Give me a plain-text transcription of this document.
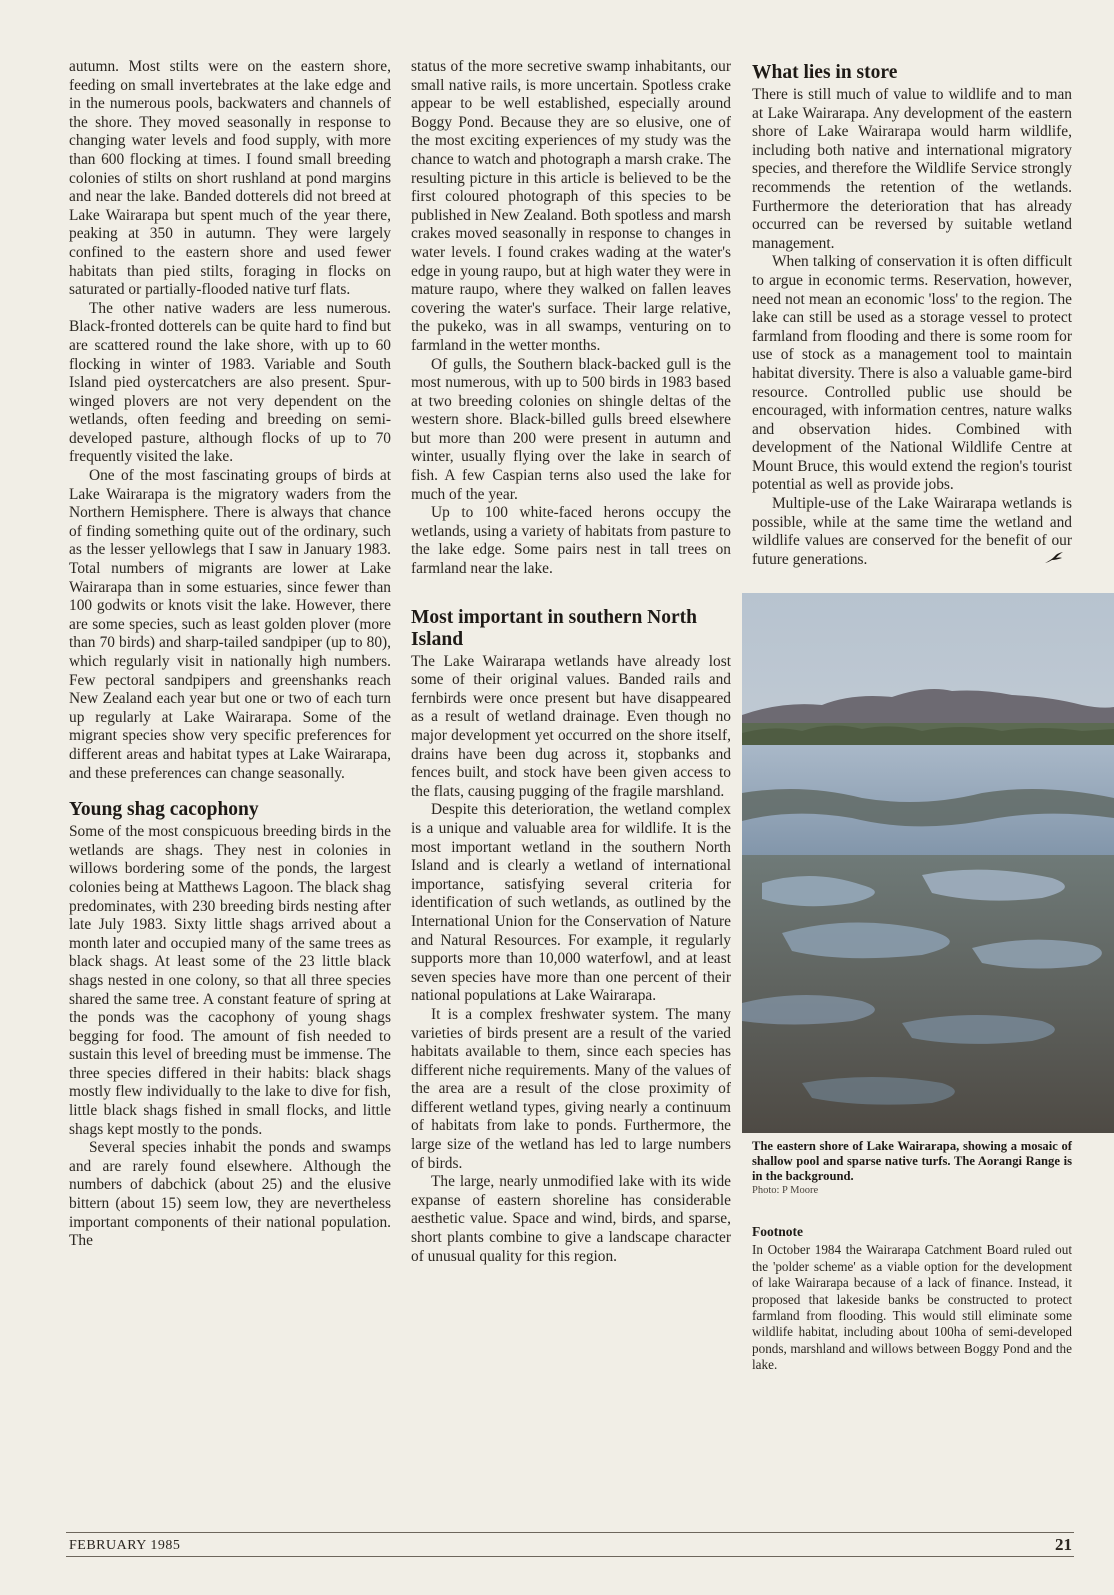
autumn. Most stilts were on the eastern shore, feeding on small invertebrates at the lake edge and in the numerous pools, backwaters and channels of the shore. They moved seasonally in response to changing water levels and food supply, with more than 600 flocking at times. I found small breeding colonies of stilts on short rushland at pond margins and near the lake. Banded dotterels did not breed at Lake Wairarapa but spent much of the year there, peaking at 350 in autumn. They were largely confined to the eastern shore and used fewer habitats than pied stilts, foraging in flocks on saturated or partially-flooded native turf flats.

The other native waders are less numerous. Black-fronted dotterels can be quite hard to find but are scattered round the lake shore, with up to 60 flocking in winter of 1983. Variable and South Island pied oystercatchers are also present. Spur-winged plovers are not very dependent on the wetlands, often feeding and breeding on semi-developed pasture, although flocks of up to 70 frequently visited the lake.

One of the most fascinating groups of birds at Lake Wairarapa is the migratory waders from the Northern Hemisphere. There is always that chance of finding something quite out of the ordinary, such as the lesser yellowlegs that I saw in January 1983. Total numbers of migrants are lower at Lake Wairarapa than in some estuaries, since fewer than 100 godwits or knots visit the lake. However, there are some species, such as least golden plover (more than 70 birds) and sharp-tailed sandpiper (up to 80), which regularly visit in nationally high numbers. Few pectoral sandpipers and greenshanks reach New Zealand each year but one or two of each turn up regularly at Lake Wairarapa. Some of the migrant species show very specific preferences for different areas and habitat types at Lake Wairarapa, and these preferences can change seasonally.

Young shag cacophony

Some of the most conspicuous breeding birds in the wetlands are shags. They nest in colonies in willows bordering some of the ponds, the largest colonies being at Matthews Lagoon. The black shag predominates, with 230 breeding birds nesting after late July 1983. Sixty little shags arrived about a month later and occupied many of the same trees as black shags. At least some of the 23 little black shags nested in one colony, so that all three species shared the same tree. A constant feature of spring at the ponds was the cacophony of young shags begging for food. The amount of fish needed to sustain this level of breeding must be immense. The three species differed in their habits: black shags mostly flew individually to the lake to dive for fish, little black shags fished in small flocks, and little shags kept mostly to the ponds.

Several species inhabit the ponds and swamps and are rarely found elsewhere. Although the numbers of dabchick (about 25) and the elusive bittern (about 15) seem low, they are nevertheless important components of their national population. The

status of the more secretive swamp inhabitants, our small native rails, is more uncertain. Spotless crake appear to be well established, especially around Boggy Pond. Because they are so elusive, one of the most exciting experiences of my study was the chance to watch and photograph a marsh crake. The resulting picture in this article is believed to be the first coloured photograph of this species to be published in New Zealand. Both spotless and marsh crakes moved seasonally in response to changes in water levels. I found crakes wading at the water's edge in young raupo, but at high water they were in mature raupo, where they walked on fallen leaves covering the water's surface. Their large relative, the pukeko, was in all swamps, venturing on to farmland in the wetter months.

Of gulls, the Southern black-backed gull is the most numerous, with up to 500 birds in 1983 based at two breeding colonies on shingle deltas of the western shore. Black-billed gulls breed elsewhere but more than 200 were present in autumn and winter, usually flying over the lake in search of fish. A few Caspian terns also used the lake for much of the year.

Up to 100 white-faced herons occupy the wetlands, using a variety of habitats from pasture to the lake edge. Some pairs nest in tall trees on farmland near the lake.

Most important in southern North Island

The Lake Wairarapa wetlands have already lost some of their original values. Banded rails and fernbirds were once present but have disappeared as a result of wetland drainage. Even though no major development yet occurred on the shore itself, drains have been dug across it, stopbanks and fences built, and stock have been given access to the flats, causing pugging of the fragile marshland.

Despite this deterioration, the wetland complex is a unique and valuable area for wildlife. It is the most important wetland in the southern North Island and is clearly a wetland of international importance, satisfying several criteria for identification of such wetlands, as outlined by the International Union for the Conservation of Nature and Natural Resources. For example, it regularly supports more than 10,000 waterfowl, and at least seven species have more than one percent of their national populations at Lake Wairarapa.

It is a complex freshwater system. The many varieties of birds present are a result of the varied habitats available to them, since each species has different niche requirements. Many of the values of the area are a result of the close proximity of different wetland types, giving nearly a continuum of habitats from lake to ponds. Furthermore, the large size of the wetland has led to large numbers of birds.

The large, nearly unmodified lake with its wide expanse of eastern shoreline has considerable aesthetic value. Space and wind, birds, and sparse, short plants combine to give a landscape character of unusual quality for this region.

What lies in store

There is still much of value to wildlife and to man at Lake Wairarapa. Any development of the eastern shore of Lake Wairarapa would harm wildlife, including both native and international migratory species, and therefore the Wildlife Service strongly recommends the retention of the wetlands. Furthermore the deterioration that has already occurred can be reversed by suitable wetland management.

When talking of conservation it is often difficult to argue in economic terms. Reservation, however, need not mean an economic 'loss' to the region. The lake can still be used as a storage vessel to protect farmland from flooding and there is some room for use of stock as a management tool to maintain habitat diversity. There is also a valuable game-bird resource. Controlled public use should be encouraged, with information centres, nature walks and observation hides. Combined with development of the National Wildlife Centre at Mount Bruce, this would extend the region's tourist potential as well as provide jobs.

Multiple-use of the Lake Wairarapa wetlands is possible, while at the same time the wetland and wildlife values are conserved for the benefit of our future generations.

The eastern shore of Lake Wairarapa, showing a mosaic of shallow pool and sparse native turfs. The Aorangi Range is in the background.

Photo: P Moore

Footnote

In October 1984 the Wairarapa Catchment Board ruled out the 'polder scheme' as a viable option for the development of lake Wairarapa because of a lack of finance. Instead, it proposed that lakeside banks be constructed to protect farmland from flooding. This would still eliminate some wildlife habitat, including about 100ha of semi-developed ponds, marshland and willows between Boggy Pond and the lake.

FEBRUARY 1985	21
